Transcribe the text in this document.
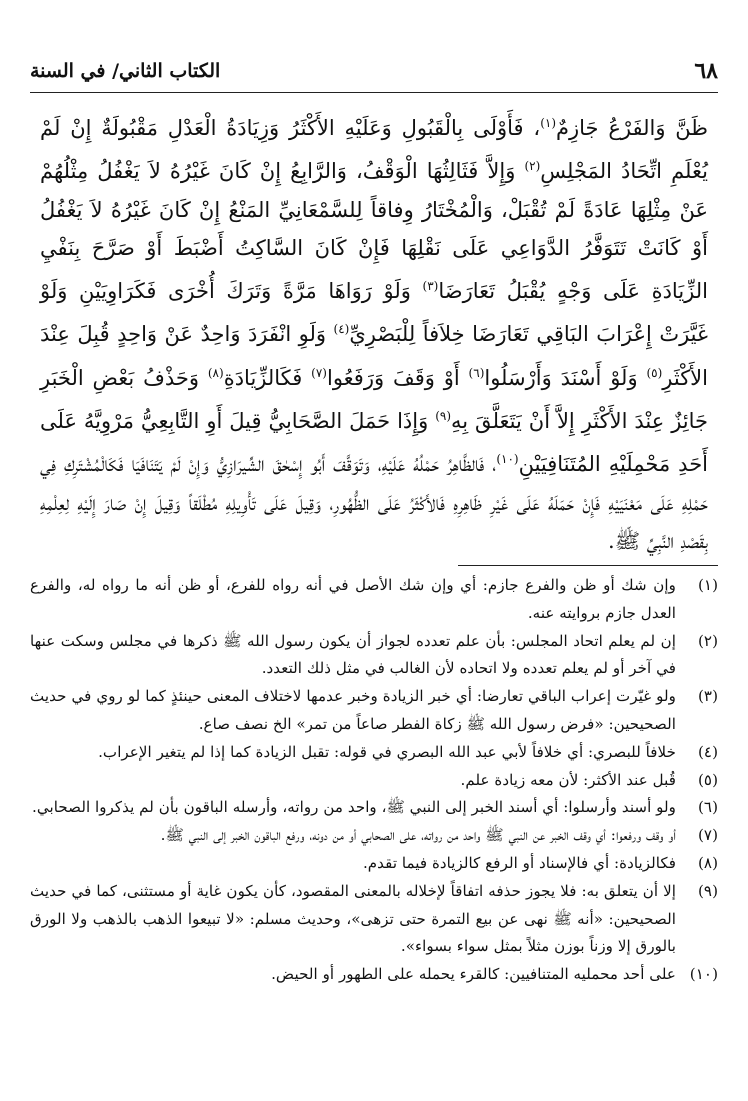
٦٨
الكتاب الثاني/ في السنة
ظَنَّ وَالفَرْعُ جَازِمٌ$^{(١)}$، فَأَوْلَى بِالْقَبُولِ وَعَلَيْهِ الأَكْثَرُ وَزِيَادَةُ الْعَدْلِ مَقْبُولَةٌ إِنْ لَمْ يُعْلَمِ اتِّحَادُ المَجْلِسِ$^{(٢)}$ وَإِلاَّ فَثَالِثُهَا الْوَقْفُ، وَالرَّابِعُ إِنْ كَانَ غَيْرُهُ لاَ يَغْفُلُ مِثْلُهُمْ عَنْ مِثْلِهَا عَادَةً لَمْ تُقْبَلْ، وَالْمُخْتَارُ وِفاقاً لِلسَّمْعَانِيِّ المَنْعُ إِنْ كَانَ غَيْرُهُ لاَ يَغْفُلُ أَوْ كَانَتْ تَتَوَفَّرُ الدَّوَاعِي عَلَى نَقْلِهَا فَإِنْ كَانَ السَّاكِتُ أَضْبَطَ أَوْ صَرَّحَ بِنَفْيِ الزِّيَادَةِ عَلَى وَجْهٍ يُقْبَلُ تَعَارَضَا$^{(٣)}$ وَلَوْ رَوَاهَا مَرَّةً وَتَرَكَ أُخْرَى فَكَرَاوِيَيْنِ وَلَوْ غَيَّرَتْ إِعْرَابَ البَاقِي تَعَارَضَا خِلاَفاً لِلْبَصْرِيِّ$^{(٤)}$ وَلَوِ انْفَرَدَ وَاحِدٌ عَنْ وَاحِدٍ قُبِلَ عِنْدَ الأَكْثَرِ$^{(٥)}$ وَلَوْ أَسْنَدَ وَأَرْسَلُوا$^{(٦)}$ أَوْ وَقَفَ وَرَفَعُوا$^{(٧)}$ فَكَالزِّيَادَةِ$^{(٨)}$ وَحَذْفُ بَعْضِ الْخَبَرِ جَائِزٌ عِنْدَ الأَكْثَرِ إِلاَّ أَنْ يَتَعَلَّقَ بِهِ$^{(٩)}$ وَإِذَا حَمَلَ الصَّحَابِيُّ قِيلَ أَوِ التَّابِعِيُّ مَرْوِيَّهُ عَلَى أَحَدِ مَحْمِلَيْهِ المُتَنَافِيَيْنِ$^{(١٠)}$، فَالظَّاهِرُ حَمْلُهُ عَلَيْهِ، وَتَوَقَّفَ أَبُو إِسْحٰقَ الشِّيرَازِيُّ وَإِنْ لَمْ يَتَنَافَيَا فَكَالْمُشْتَرِكِ فِي حَمْلِهِ عَلَى مَعْنَيَيْهِ فَإِنْ حَمَلَهُ عَلَى غَيْرِ ظَاهِرِهِ فَالأَكْثَرُ عَلَى الظُّهُورِ، وَقِيلَ عَلَى تَأْوِيلِهِ مُطْلَقاً وَقِيلَ إِنْ صَارَ إِلَيْهِ لِعِلْمِهِ بِقَصْدِ النَّبِيِّ ﷺ.
(١)
وإن شك أو ظن والفرع جازم: أي وإن شك الأصل في أنه رواه للفرع، أو ظن أنه ما رواه له، والفرع العدل جازم بروايته عنه.
(٢)
إن لم يعلم اتحاد المجلس: بأن علم تعدده لجواز أن يكون رسول الله ﷺ ذكرها في مجلس وسكت عنها في آخر أو لم يعلم تعدده ولا اتحاده لأن الغالب في مثل ذلك التعدد.
(٣)
ولو غيّرت إعراب الباقي تعارضا: أي خبر الزيادة وخبر عدمها لاختلاف المعنى حينئذٍ كما لو روي في حديث الصحيحين: «فرض رسول الله ﷺ زكاة الفطر صاعاً من تمر» الخ نصف صاع.
(٤)
خلافاً للبصري: أي خلافاً لأبي عبد الله البصري في قوله: تقبل الزيادة كما إذا لم يتغير الإعراب.
(٥)
قُبل عند الأكثر: لأن معه زيادة علم.
(٦)
ولو أسند وأرسلوا: أي أسند الخبر إلى النبي ﷺ، واحد من رواته، وأرسله الباقون بأن لم يذكروا الصحابي.
(٧)
أو وقف ورفعوا: أي وقف الخبر عن النبي ﷺ واحد من رواته، على الصحابي أو من دونه، ورفع الباقون الخبر إلى النبي ﷺ.
(٨)
فكالزيادة: أي فالإسناد أو الرفع كالزيادة فيما تقدم.
(٩)
إلا أن يتعلق به: فلا يجوز حذفه اتفاقاً لإخلاله بالمعنى المقصود، كأن يكون غاية أو مستثنى، كما في حديث الصحيحين: «أنه ﷺ نهى عن بيع التمرة حتى تزهى»، وحديث مسلم: «لا تبيعوا الذهب بالذهب ولا الورق بالورق إلا وزناً بوزن مثلاً بمثل سواء بسواء».
(١٠)
على أحد محمليه المتنافيين: كالقرء يحمله على الطهور أو الحيض.
